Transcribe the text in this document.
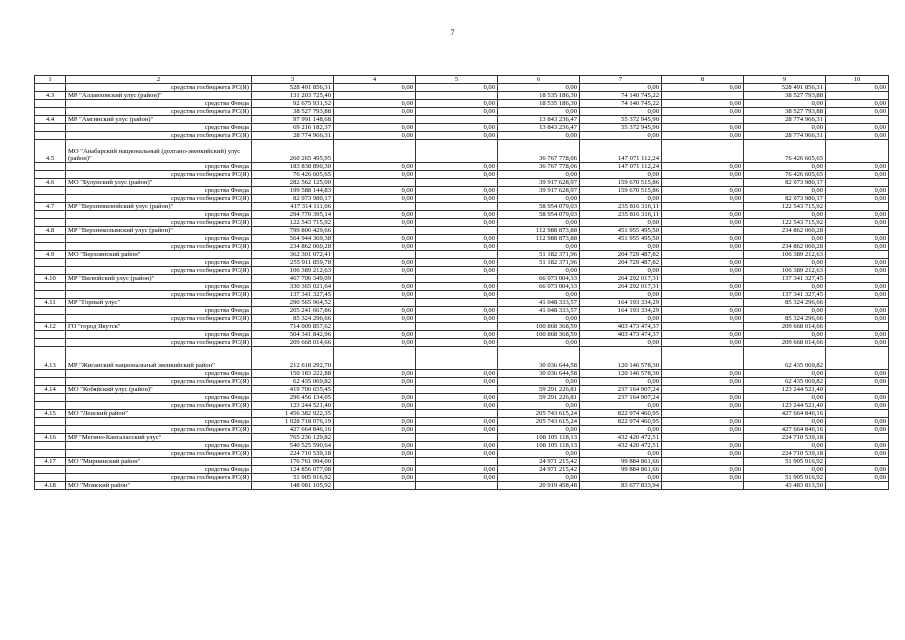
7
1	2	3	4	5	6	7	8	9	10
	средства госбюджета РС(Я)	528 491 856,31	0,00	0,00	0,00	0,00	0,00	528 491 856,31	0,00
4.3	МР "Аллаиховский улус (район)"	131 203 725,40			18 535 186,30	74 140 745,22		38 527 793,88	
	средства Фонда	92 675 931,52	0,00	0,00	18 535 186,30	74 140 745,22	0,00	0,00	0,00
	средства госбюджета РС(Я)	38 527 793,88	0,00	0,00	0,00	0,00	0,00	38 527 793,88	0,00
4.4	МР "Амгинский улус (район)"	97 991 148,68			13 843 236,47	55 372 945,90		28 774 966,31	
	средства Фонда	69 216 182,37	0,00	0,00	13 843 236,47	55 372 945,90	0,00	0,00	0,00
	средства госбюджета РС(Я)	28 774 966,31	0,00	0,00	0,00	0,00	0,00	28 774 966,31	0,00
4.5	МО "Анабарский национальный (долгано-эвенкийский) улус (район)"	260 265 495,95			36 767 778,06	147 071 112,24		76 426 605,65	
	средства Фонда	183 838 890,30	0,00	0,00	36 767 778,06	147 071 112,24	0,00	0,00	0,00
	средства госбюджета РС(Я)	76 426 605,65	0,00	0,00	0,00	0,00	0,00	76 426 605,65	0,00
4.6	МО "Булунский улус (район)"	282 562 125,00			39 917 628,97	159 670 515,86		82 973 980,17	
	средства Фонда	199 588 144,83	0,00	0,00	39 917 628,97	159 670 515,86	0,00	0,00	0,00
	средства госбюджета РС(Я)	82 973 980,17	0,00	0,00	0,00	0,00	0,00	82 973 980,17	0,00
4.7	МР "Верхневилюйский улус (район)"	417 314 111,06			58 954 079,03	235 816 316,11		122 543 715,92	
	средства Фонда	294 770 395,14	0,00	0,00	58 954 079,03	235 816 316,11	0,00	0,00	0,00
	средства госбюджета РС(Я)	122 543 715,92	0,00	0,00	0,00	0,00	0,00	122 543 715,92	0,00
4.8	МР "Верхнеколымский улус (район)"	799 806 429,66			112 988 873,88	451 955 495,50		234 862 060,28	
	средства Фонда	564 944 369,38	0,00	0,00	112 988 873,88	451 955 495,50	0,00	0,00	0,00
	средства госбюджета РС(Я)	234 862 060,28	0,00	0,00	0,00	0,00	0,00	234 862 060,28	0,00
4.9	МО "Верхоянский район"	362 301 072,41			51 182 371,96	204 729 487,82		106 389 212,63	
	средства Фонда	255 911 859,78	0,00	0,00	51 182 371,96	204 729 487,82	0,00	0,00	0,00
	средства госбюджета РС(Я)	106 389 212,63	0,00	0,00	0,00	0,00	0,00	106 389 212,63	0,00
4.10	МР "Вилюйский улус (район)"	467 706 349,09			66 073 004,33	264 292 017,31		137 341 327,45	
	средства Фонда	330 365 021,64	0,00	0,00	66 073 004,33	264 292 017,31	0,00	0,00	0,00
	средства госбюджета РС(Я)	137 341 327,45	0,00	0,00	0,00	0,00	0,00	137 341 327,45	0,00
4.11	МР "Горный улус"	290 565 964,52			41 048 333,57	164 193 334,29		85 324 296,66	
	средства Фонда	205 241 667,86	0,00	0,00	41 048 333,57	164 193 334,29	0,00	0,00	0,00
	средства госбюджета РС(Я)	85 324 296,66	0,00	0,00	0,00	0,00	0,00	85 324 296,66	0,00
4.12	ГО "город Якутск"	714 009 857,62			100 868 368,59	403 473 474,37		209 668 014,66	
	средства Фонда	504 341 842,96	0,00	0,00	100 868 368,59	403 473 474,37	0,00	0,00	0,00
	средства госбюджета РС(Я)	209 668 014,66	0,00	0,00	0,00	0,00	0,00	209 668 014,66	0,00
4.13	МР "Жиганский национальный эвенкийский район"	212 618 292,70			30 036 644,58	120 146 578,30		62 435 069,82	
	средства Фонда	150 183 222,88	0,00	0,00	30 036 644,58	120 146 578,30	0,00	0,00	0,00
	средства госбюджета РС(Я)	62 435 069,82	0,00	0,00	0,00	0,00	0,00	62 435 069,82	0,00
4.14	МО "Кобяйский улус (район)"	419 700 655,45			59 291 226,81	237 164 907,24		123 244 521,40	
	средства Фонда	296 456 134,05	0,00	0,00	59 291 226,81	237 164 907,24	0,00	0,00	0,00
	средства госбюджета РС(Я)	123 244 521,40	0,00	0,00	0,00	0,00	0,00	123 244 521,40	0,00
4.15	МО "Ленский район"	1 456 382 922,35			205 743 615,24	822 974 460,95		427 664 846,16	
	средства Фонда	1 028 718 076,19	0,00	0,00	205 743 615,24	822 974 460,95	0,00	0,00	0,00
	средства госбюджета РС(Я)	427 664 846,16	0,00	0,00	0,00	0,00	0,00	427 664 846,16	0,00
4.16	МР "Мегино-Кангаласский улус"	765 236 129,82			108 105 118,13	432 420 472,51		224 710 539,18	
	средства Фонда	540 525 590,64	0,00	0,00	108 105 118,13	432 420 472,51	0,00	0,00	0,00
	средства госбюджета РС(Я)	224 710 539,18	0,00	0,00	0,00	0,00	0,00	224 710 539,18	0,00
4.17	МО "Мирнинский район"	176 761 994,00			24 971 215,42	99 884 861,66		51 905 916,92	
	средства Фонда	124 856 077,08	0,00	0,00	24 971 215,42	99 884 861,66	0,00	0,00	0,00
	средства госбюджета РС(Я)	51 905 916,92	0,00	0,00	0,00	0,00	0,00	51 905 916,92	0,00
4.18	МО "Момский район"	148 081 105,92			20 919 458,48	83 677 833,94		43 483 813,50	
